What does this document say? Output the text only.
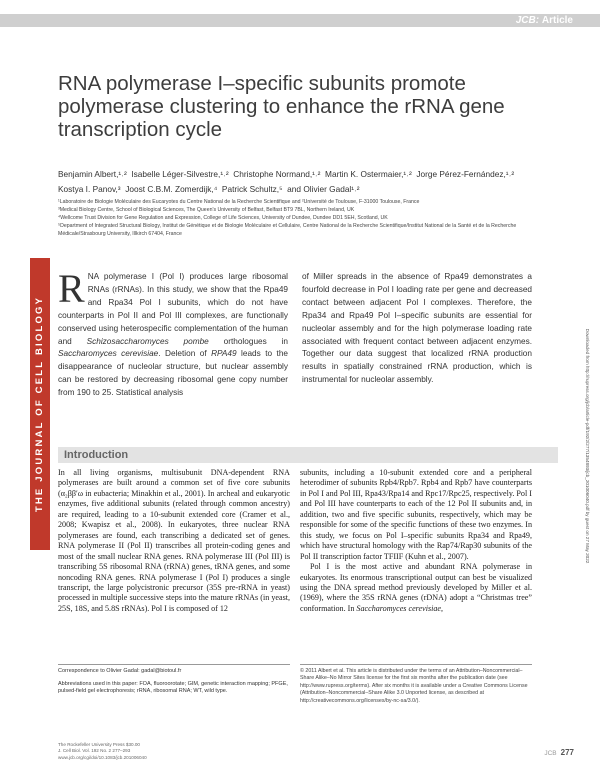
JCB: Article
THE JOURNAL OF CELL BIOLOGY	Downloaded from http://rupress.org/jcb/article-pdf/192/2/277/1354893/jcb_201006040.pdf by guest on 27 May 2022
RNA polymerase I–specific subunits promote polymerase clustering to enhance the rRNA gene transcription cycle
Benjamin Albert,¹˒² Isabelle Léger-Silvestre,¹˒² Christophe Normand,¹˒² Martin K. Ostermaier,¹˒² Jorge Pérez-Fernández,¹˒²
Kostya I. Panov,³ Joost C.B.M. Zomerdijk,⁴ Patrick Schultz,⁵ and Olivier Gadal¹˒²
¹Laboratoire de Biologie Moléculaire des Eucaryotes du Centre National de la Recherche Scientifique and ²Université de Toulouse, F-31000 Toulouse, France
³Medical Biology Centre, School of Biological Sciences, The Queen's University of Belfast, Belfast BT9 7BL, Northern Ireland, UK
⁴Wellcome Trust Division for Gene Regulation and Expression, College of Life Sciences, University of Dundee, Dundee DD1 5EH, Scotland, UK
⁵Department of Integrated Structural Biology, Institut de Génétique et de Biologie Moléculaire et Cellulaire, Centre National de la Recherche Scientifique/Institut National de la Santé et de la Recherche Médicale/Strasbourg University, Illkirch 67404, France
RNA polymerase I (Pol I) produces large ribosomal RNAs (rRNAs). In this study, we show that the Rpa49 and Rpa34 Pol I subunits, which do not have counterparts in Pol II and Pol III complexes, are functionally conserved using heterospecific complementation of the human and Schizosaccharomyces pombe orthologues in Saccharomyces cerevisiae. Deletion of RPA49 leads to the disappearance of nucleolar structure, but nuclear assembly can be restored by decreasing ribosomal gene copy number from 190 to 25. Statistical analysis
of Miller spreads in the absence of Rpa49 demonstrates a fourfold decrease in Pol I loading rate per gene and decreased contact between adjacent Pol I complexes. Therefore, the Rpa34 and Rpa49 Pol I–specific subunits are essential for nucleolar assembly and for the high polymerase loading rate associated with frequent contact between adjacent enzymes. Together our data suggest that localized rRNA production results in spatially constrained rRNA production, which is instrumental for nucleolar assembly.
Introduction

In all living organisms, multisubunit DNA-dependent RNA polymerases are built around a common set of five core subunits (α₂ββ′ω in eubacteria; Minakhin et al., 2001). In archeal and eukaryotic enzymes, five additional subunits (related through common ancestry) are required, leading to a 10-subunit extended core (Cramer et al., 2008; Kwapisz et al., 2008). In eukaryotes, three nuclear RNA polymerases are found, each transcribing a dedicated set of genes. RNA polymerase II (Pol II) transcribes all protein-coding genes and most of the small nuclear RNA genes. RNA polymerase III (Pol III) is transcribing 5S ribosomal RNA (rRNA) genes, tRNA genes, and some noncoding RNA genes. RNA polymerase I (Pol I) produces a single transcript, the large polycistronic precursor (35S pre-rRNA in yeast) processed in multiple successive steps into the mature rRNAs (in yeast, 25S, 18S, and 5.8S rRNAs). Pol I is composed of 12

subunits, including a 10-subunit extended core and a peripheral heterodimer of subunits Rpb4/Rpb7. Rpb4 and Rpb7 have counterparts in Pol I and Pol III, Rpa43/Rpa14 and Rpc17/Rpc25, respectively. Pol I and Pol III have counterparts to each of the 12 Pol II subunits and, in addition, two and five specific subunits, respectively, which may be responsible for some of the specific functions of these two enzymes. In this study, we focus on Pol I–specific subunits Rpa34 and Rpa49, which have structural homology with the Rap74/Rap30 subunits of the Pol II transcription factor TFIIF (Kuhn et al., 2007).

Pol I is the most active and abundant RNA polymerase in eukaryotes. Its enormous transcriptional output can best be visualized using the DNA spread method previously developed by Miller et al. (1969), where the 35S rRNA genes (rDNA) adopt a “Christmas tree” conformation. In Saccharomyces cerevisiae,

Correspondence to Olivier Gadal: gadal@biotoul.fr
Abbreviations used in this paper: FOA, fluoroorotate; GIM, genetic interaction mapping; PFGE, pulsed-field gel electrophoresis; rRNA, ribosomal RNA; WT, wild type.
© 2011 Albert et al. This article is distributed under the terms of an Attribution–Noncommercial–Share Alike–No Mirror Sites license for the first six months after the publication date (see http://www.rupress.org/terms). After six months it is available under a Creative Commons License (Attribution–Noncommercial–Share Alike 3.0 Unported license, as described at http://creativecommons.org/licenses/by-nc-sa/3.0/).
The Rockefeller University Press $30.00
J. Cell Biol. Vol. 192 No. 2 277–293
www.jcb.org/cgi/doi/10.1083/jcb.201006040
JCB 277
